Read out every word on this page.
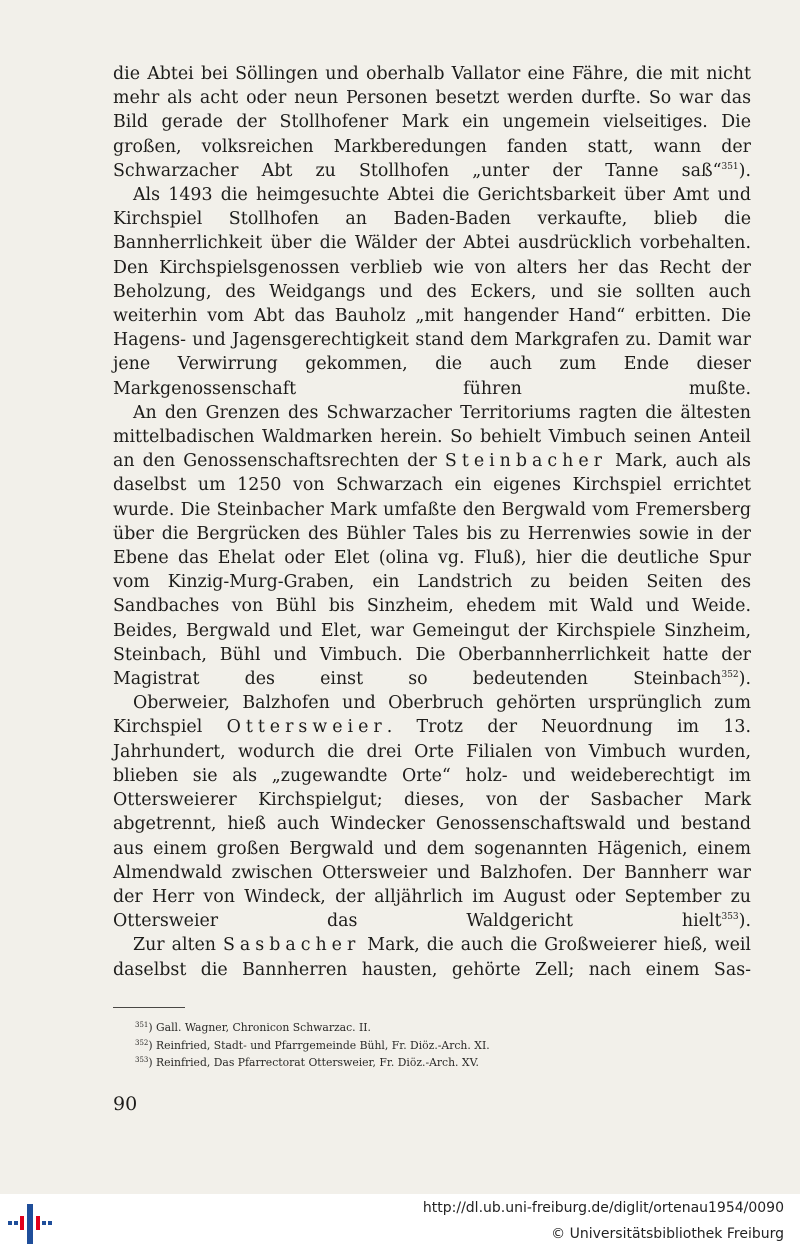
die Abtei bei Söllingen und oberhalb Vallator eine Fähre, die mit nicht mehr als acht oder neun Personen besetzt werden durfte. So war das Bild gerade der Stollhofener Mark ein ungemein vielseitiges. Die großen, volksreichen Markberedungen fanden statt, wann der Schwarzacher Abt zu Stollhofen „unter der Tanne saß“$^{351}$).

Als 1493 die heimgesuchte Abtei die Gerichtsbarkeit über Amt und Kirchspiel Stollhofen an Baden-Baden verkaufte, blieb die Bannherrlichkeit über die Wälder der Abtei ausdrücklich vorbehalten. Den Kirchspielsgenossen verblieb wie von alters her das Recht der Beholzung, des Weidgangs und des Eckers, und sie sollten auch weiterhin vom Abt das Bauholz „mit hangender Hand“ erbitten. Die Hagens- und Jagensgerechtigkeit stand dem Markgrafen zu. Damit war jene Verwirrung gekommen, die auch zum Ende dieser Markgenossenschaft führen mußte.

An den Grenzen des Schwarzacher Territoriums ragten die ältesten mittelbadischen Waldmarken herein. So behielt Vimbuch seinen Anteil an den Genossenschaftsrechten der Steinbacher Mark, auch als daselbst um 1250 von Schwarzach ein eigenes Kirchspiel errichtet wurde. Die Steinbacher Mark umfaßte den Bergwald vom Fremersberg über die Bergrücken des Bühler Tales bis zu Herrenwies sowie in der Ebene das Ehelat oder Elet (olina vg. Fluß), hier die deutliche Spur vom Kinzig-Murg-Graben, ein Landstrich zu beiden Seiten des Sandbaches von Bühl bis Sinzheim, ehedem mit Wald und Weide. Beides, Bergwald und Elet, war Gemeingut der Kirchspiele Sinzheim, Steinbach, Bühl und Vimbuch. Die Oberbannherrlichkeit hatte der Magistrat des einst so bedeutenden Steinbach$^{352}$).

Oberweier, Balzhofen und Oberbruch gehörten ursprünglich zum Kirchspiel Ottersweier. Trotz der Neuordnung im 13. Jahrhundert, wodurch die drei Orte Filialen von Vimbuch wurden, blieben sie als „zugewandte Orte“ holz- und weideberechtigt im Ottersweierer Kirchspielgut; dieses, von der Sasbacher Mark abgetrennt, hieß auch Windecker Genossenschaftswald und bestand aus einem großen Bergwald und dem sogenannten Hägenich, einem Almendwald zwischen Ottersweier und Balzhofen. Der Bannherr war der Herr von Windeck, der alljährlich im August oder September zu Ottersweier das Waldgericht hielt$^{353}$).

Zur alten Sasbacher Mark, die auch die Großweierer hieß, weil daselbst die Bannherren hausten, gehörte Zell; nach einem Sas-

$^{351}$) Gall. Wagner, Chronicon Schwarzac. II.

$^{352}$) Reinfried, Stadt- und Pfarrgemeinde Bühl, Fr. Diöz.-Arch. XI.

$^{353}$) Reinfried, Das Pfarrectorat Ottersweier, Fr. Diöz.-Arch. XV.

90
http://dl.ub.uni-freiburg.de/diglit/ortenau1954/0090
© Universitätsbibliothek Freiburg
